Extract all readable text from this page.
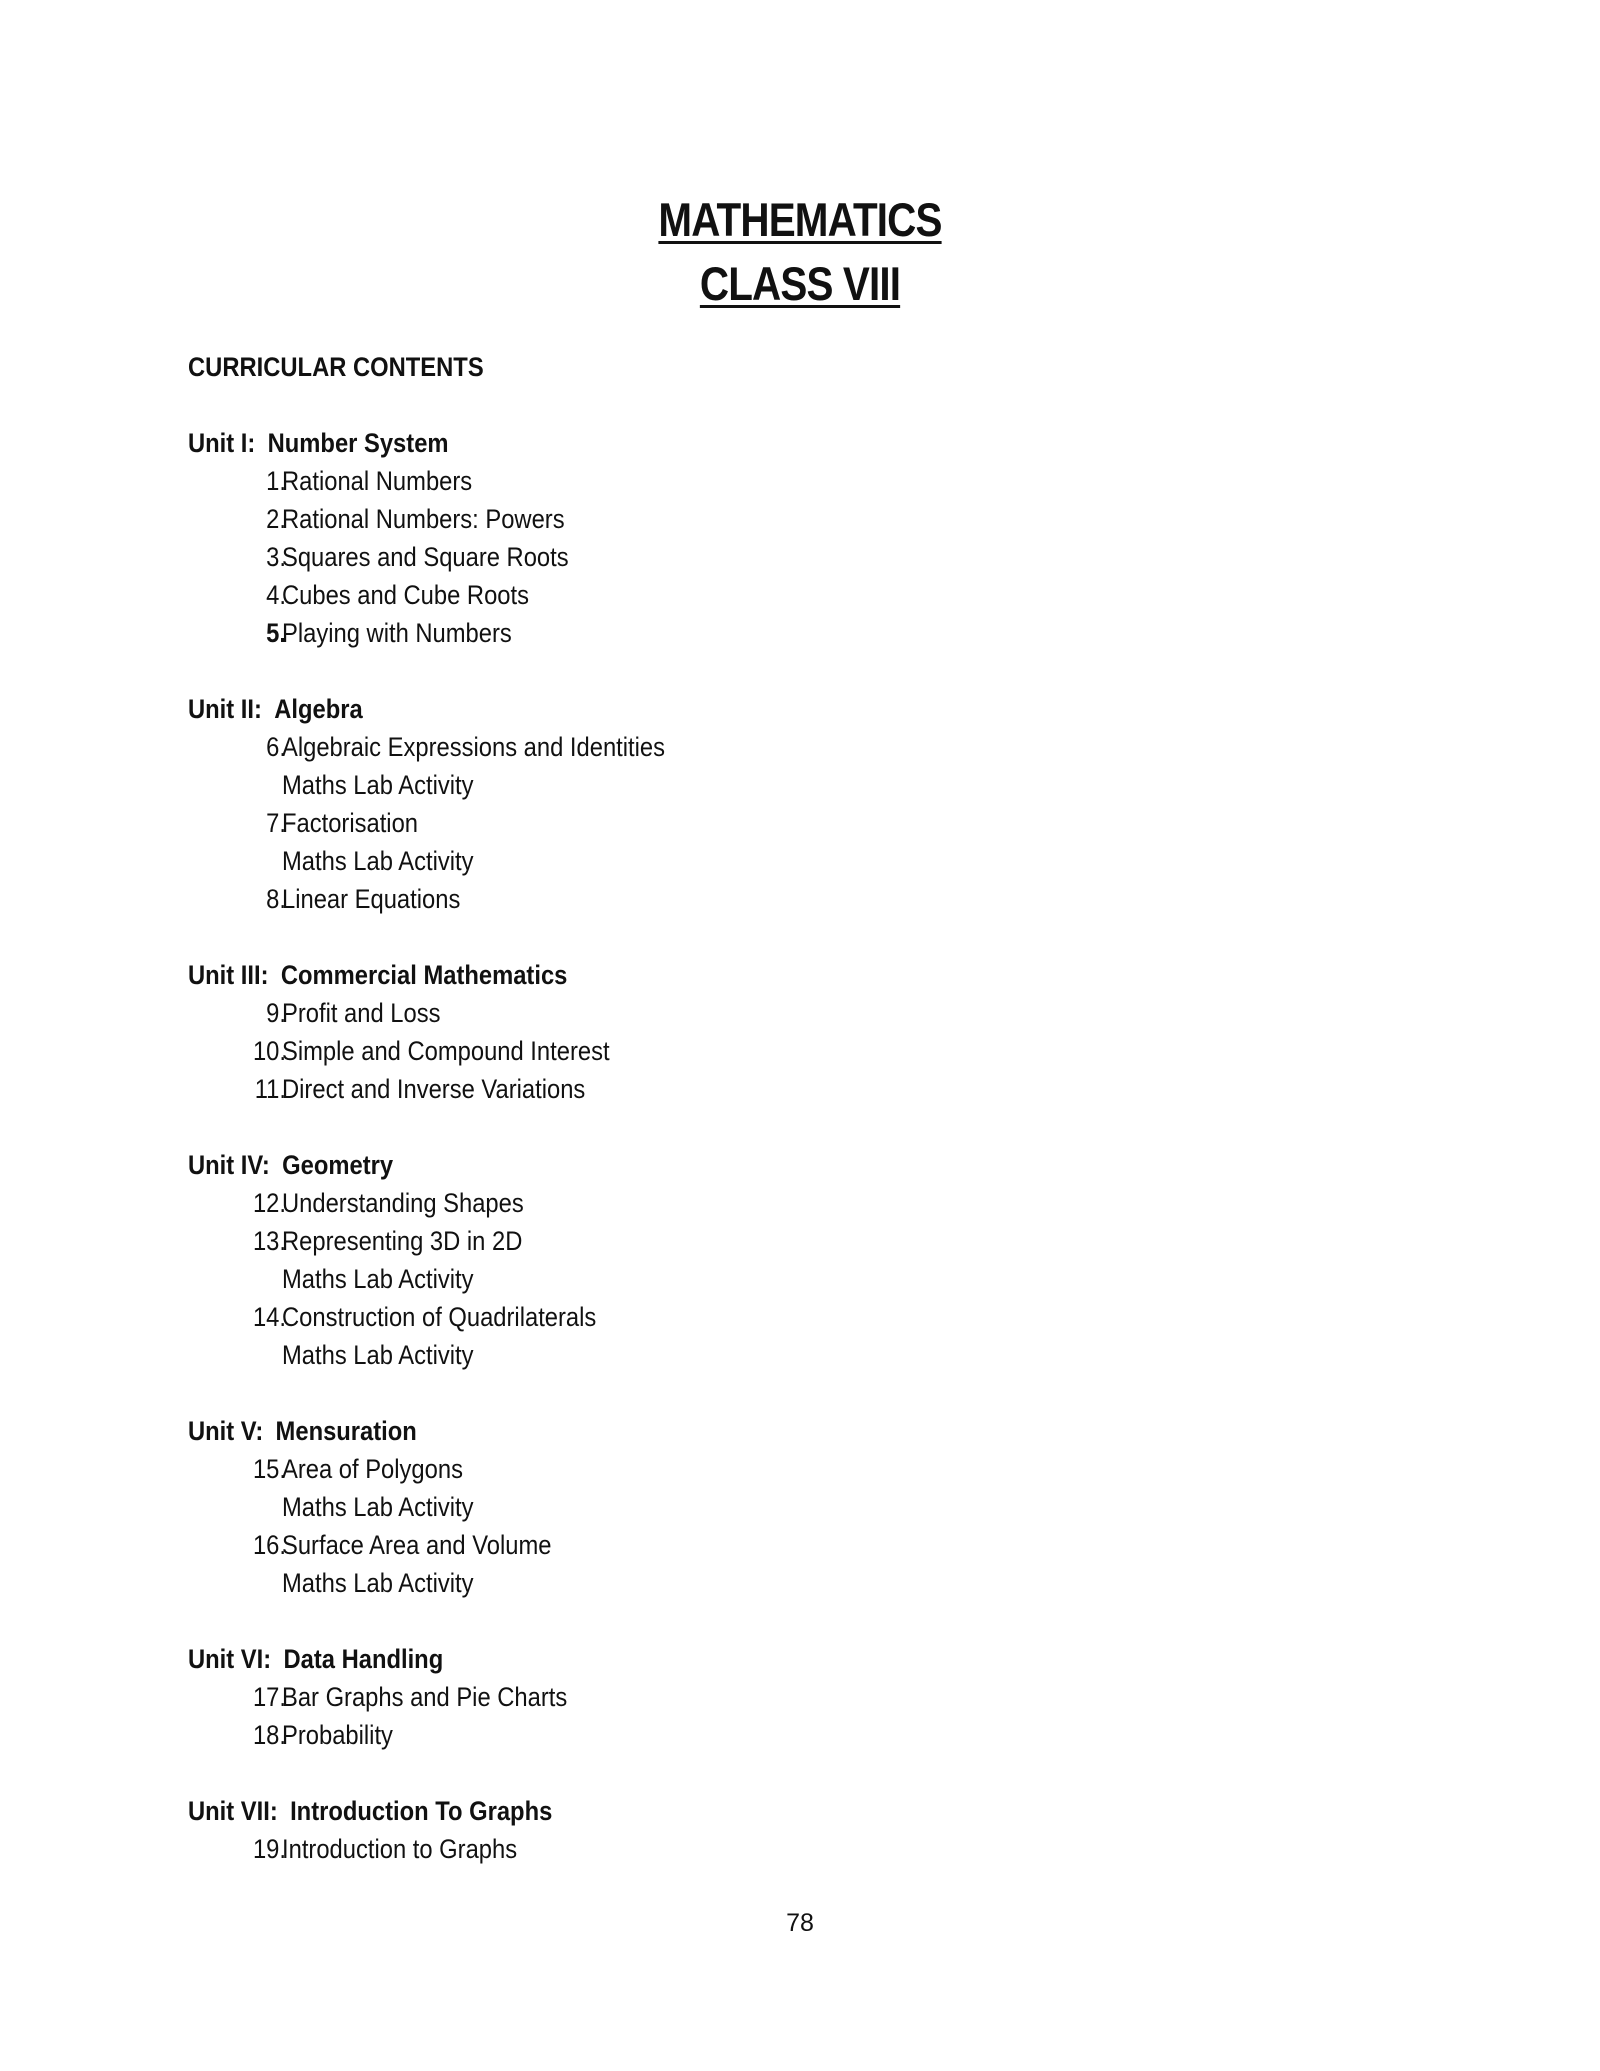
MATHEMATICS
CLASS VIII
CURRICULAR CONTENTS
Unit I: Number System
1.
Rational Numbers
2.
Rational Numbers: Powers
3.
Squares and Square Roots
4.
Cubes and Cube Roots
5.
Playing with Numbers
Unit II: Algebra
6.
Algebraic Expressions and Identities
Maths Lab Activity
7.
Factorisation
Maths Lab Activity
8.
Linear Equations
Unit III: Commercial Mathematics
9.
Profit and Loss
10.
Simple and Compound Interest
11.
Direct and Inverse Variations
Unit IV: Geometry
12.
Understanding Shapes
13.
Representing 3D in 2D
Maths Lab Activity
14.
Construction of Quadrilaterals
Maths Lab Activity
Unit V: Mensuration
15.
Area of Polygons
Maths Lab Activity
16.
Surface Area and Volume
Maths Lab Activity
Unit VI: Data Handling
17.
Bar Graphs and Pie Charts
18.
Probability
Unit VII: Introduction To Graphs
19.
Introduction to Graphs
78
